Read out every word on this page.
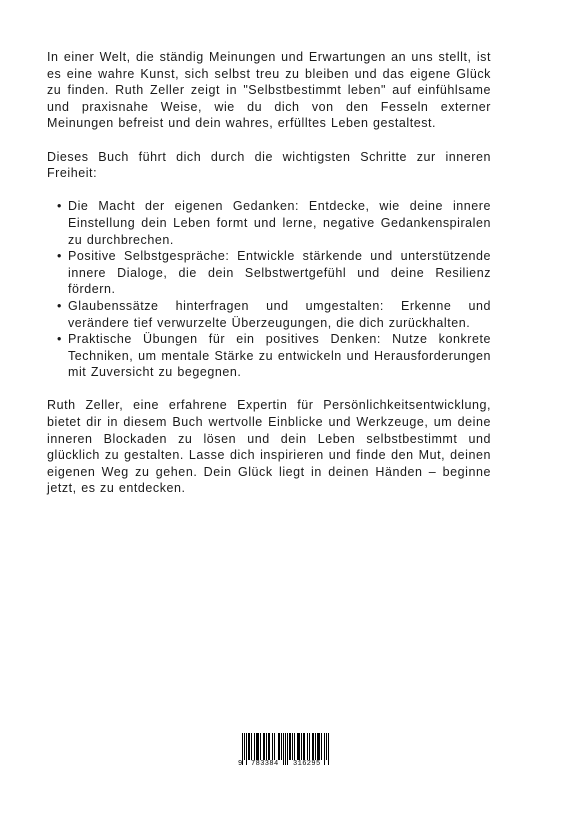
In einer Welt, die ständig Meinungen und Erwartungen an uns stellt, ist es eine wahre Kunst, sich selbst treu zu bleiben und das eigene Glück zu finden. Ruth Zeller zeigt in "Selbstbestimmt leben" auf einfühlsame und praxisnahe Weise, wie du dich von den Fesseln externer Meinungen befreist und dein wahres, erfülltes Leben gestaltest.

Dieses Buch führt dich durch die wichtigsten Schritte zur inneren Freiheit:

• Die Macht der eigenen Gedanken: Entdecke, wie deine innere Einstellung dein Leben formt und lerne, negative Gedankenspiralen zu durchbrechen.
• Positive Selbstgespräche: Entwickle stärkende und unterstützende innere Dialoge, die dein Selbstwertgefühl und deine Resilienz fördern.
• Glaubenssätze hinterfragen und umgestalten: Erkenne und verändere tief verwurzelte Überzeugungen, die dich zurückhalten.
• Praktische Übungen für ein positives Denken: Nutze konkrete Techniken, um mentale Stärke zu entwickeln und Herausforderungen mit Zuversicht zu begegnen.

Ruth Zeller, eine erfahrene Expertin für Persönlichkeitsentwicklung, bietet dir in diesem Buch wertvolle Einblicke und Werkzeuge, um deine inneren Blockaden zu lösen und dein Leben selbstbestimmt und glücklich zu gestalten. Lasse dich inspirieren und finde den Mut, deinen eigenen Weg zu gehen. Dein Glück liegt in deinen Händen – beginne jetzt, es zu entdecken.

9 783384 316295
